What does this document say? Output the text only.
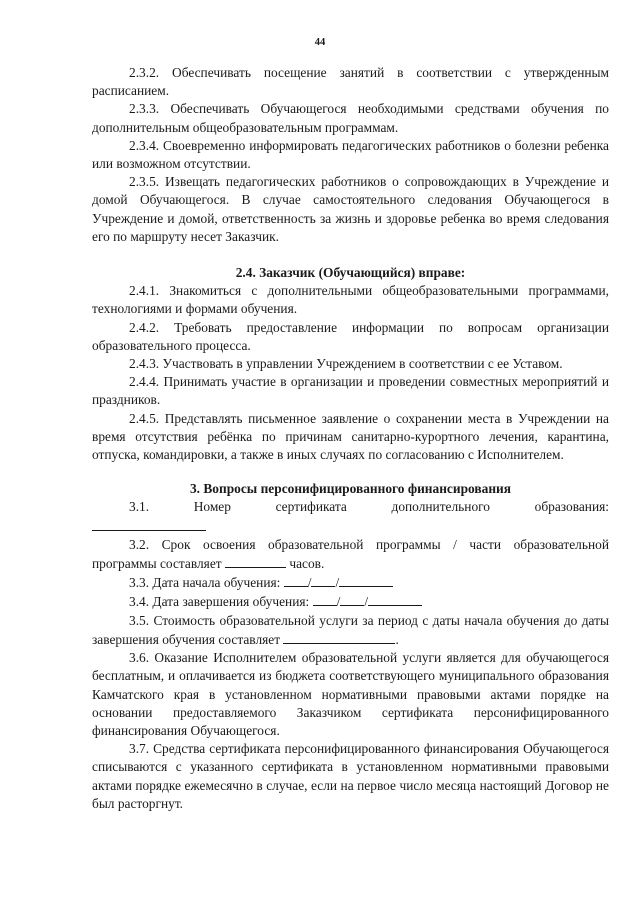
44

2.3.2. Обеспечивать посещение занятий в соответствии с утвержденным расписанием.

2.3.3. Обеспечивать Обучающегося необходимыми средствами обучения по дополнительным общеобразовательным программам.

2.3.4. Своевременно информировать педагогических работников о болезни ребенка или возможном отсутствии.

2.3.5. Извещать педагогических работников о сопровождающих в Учреждение и домой Обучающегося. В случае самостоятельного следования Обучающегося в Учреждение и домой, ответственность за жизнь и здоровье ребенка во время следования его по маршруту несет Заказчик.

2.4. Заказчик (Обучающийся) вправе:

2.4.1. Знакомиться с дополнительными общеобразовательными программами, технологиями и формами обучения.

2.4.2. Требовать предоставление информации по вопросам организации образовательного процесса.

2.4.3. Участвовать в управлении Учреждением в соответствии с ее Уставом.

2.4.4. Принимать участие в организации и проведении совместных мероприятий и праздников.

2.4.5. Представлять письменное заявление о сохранении места в Учреждении на время отсутствия ребёнка по причинам санитарно-курортного лечения, карантина, отпуска, командировки, а также в иных случаях по согласованию с Исполнителем.

3. Вопросы персонифицированного финансирования

3.1.	Номер	сертификата	дополнительного	образования:

3.2. Срок освоения образовательной программы / части образовательной программы составляет	часов.

3.3. Дата начала обучения: / /

3.4. Дата завершения обучения: / /

3.5. Стоимость образовательной услуги за период с даты начала обучения до даты завершения обучения составляет	.

3.6. Оказание Исполнителем образовательной услуги является для обучающегося бесплатным, и оплачивается из бюджета соответствующего муниципального образования Камчатского края в установленном нормативными правовыми актами порядке на основании предоставляемого Заказчиком сертификата персонифицированного финансирования Обучающегося.

3.7. Средства сертификата персонифицированного финансирования Обучающегося списываются с указанного сертификата в установленном нормативными правовыми актами порядке ежемесячно в случае, если на первое число месяца настоящий Договор не был расторгнут.
